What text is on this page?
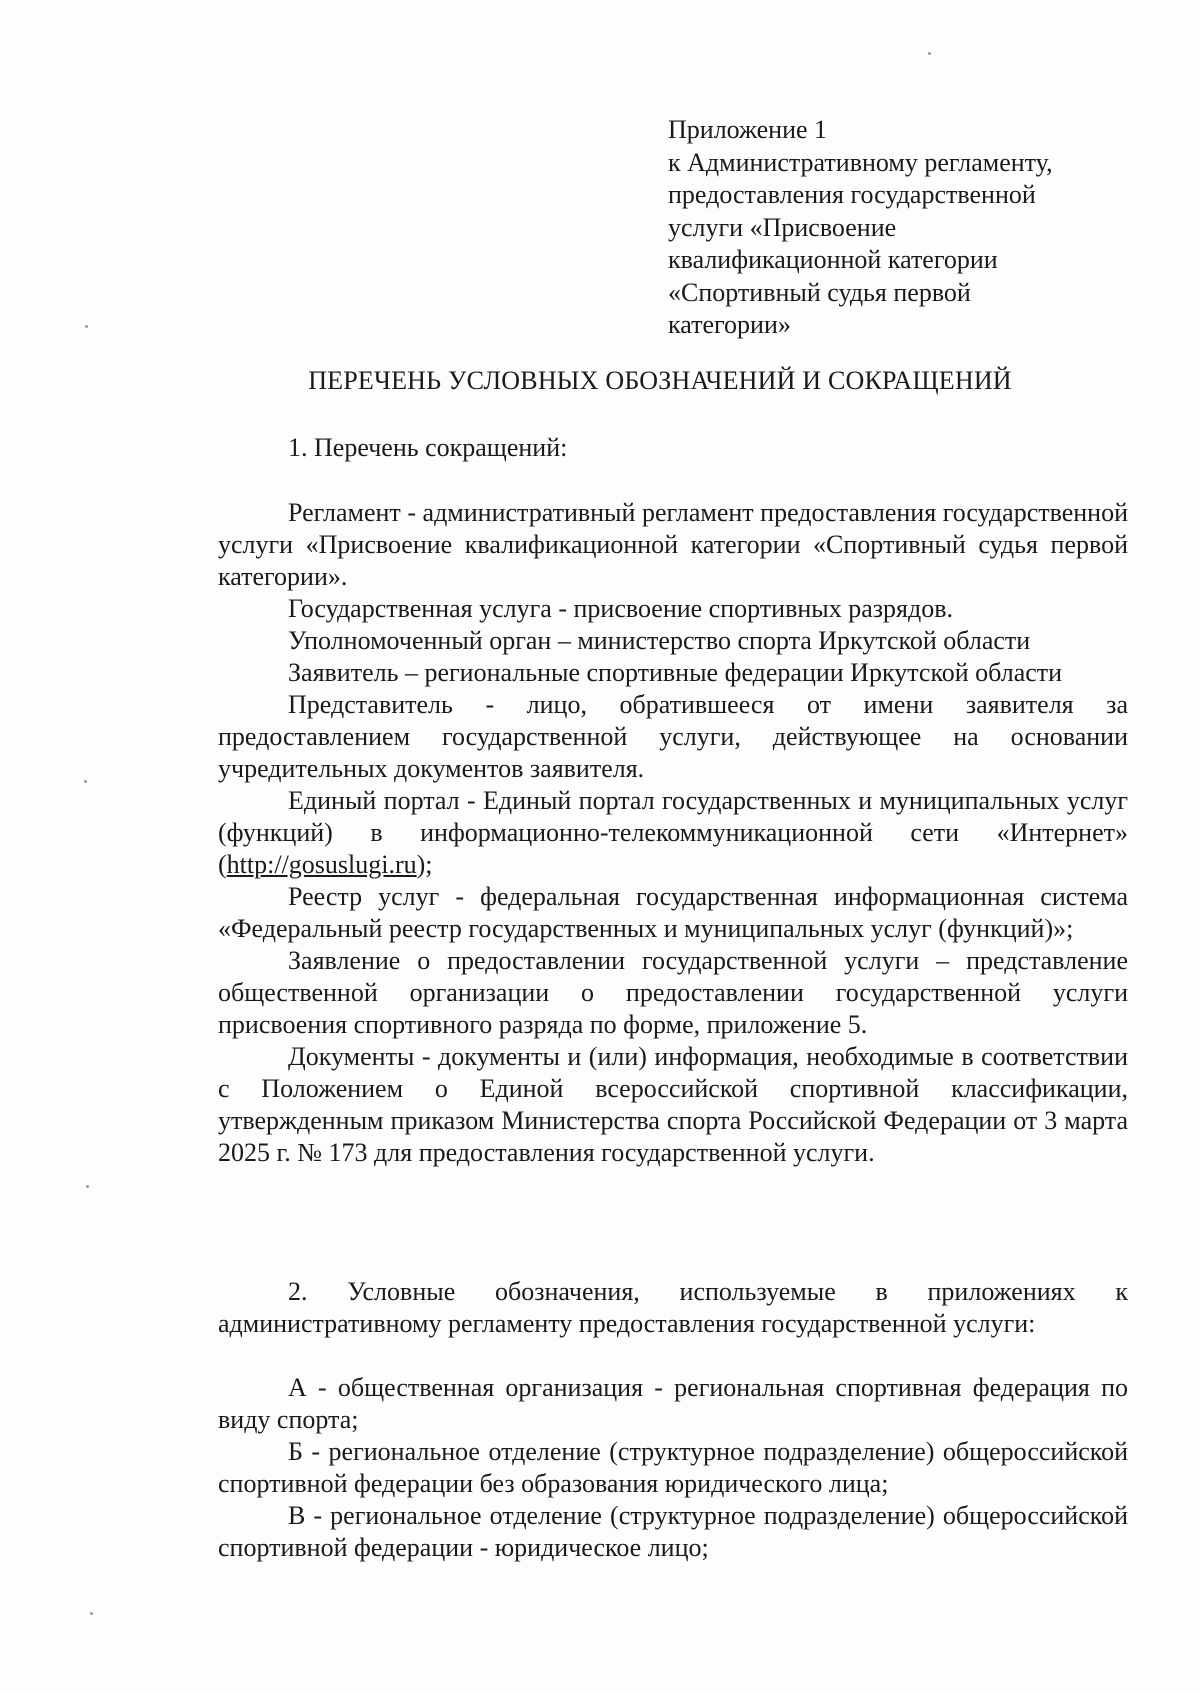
Приложение 1
к Административному регламенту,
предоставления государственной
услуги «Присвоение
квалификационной категории
«Спортивный судья первой
категории»
ПЕРЕЧЕНЬ УСЛОВНЫХ ОБОЗНАЧЕНИЙ И СОКРАЩЕНИЙ
1. Перечень сокращений:

Регламент - административный регламент предоставления государственной услуги «Присвоение квалификационной категории «Спортивный судья первой категории».

Государственная услуга - присвоение спортивных разрядов.

Уполномоченный орган – министерство спорта Иркутской области

Заявитель – региональные спортивные федерации Иркутской области

Представитель - лицо, обратившееся от имени заявителя за предоставлением государственной услуги, действующее на основании учредительных документов заявителя.

Единый портал - Единый портал государственных и муниципальных услуг (функций) в информационно-телекоммуникационной сети «Интернет» (http://gosuslugi.ru);

Реестр услуг - федеральная государственная информационная система «Федеральный реестр государственных и муниципальных услуг (функций)»;

Заявление о предоставлении государственной услуги – представление общественной организации о предоставлении государственной услуги присвоения спортивного разряда по форме, приложение 5.

Документы - документы и (или) информация, необходимые в соответствии с Положением о Единой всероссийской спортивной классификации, утвержденным приказом Министерства спорта Российской Федерации от 3 марта 2025 г. № 173 для предоставления государственной услуги.

2. Условные обозначения, используемые в приложениях к административному регламенту предоставления государственной услуги:

А - общественная организация - региональная спортивная федерация по виду спорта;

Б - региональное отделение (структурное подразделение) общероссийской спортивной федерации без образования юридического лица;

В - региональное отделение (структурное подразделение) общероссийской спортивной федерации - юридическое лицо;
